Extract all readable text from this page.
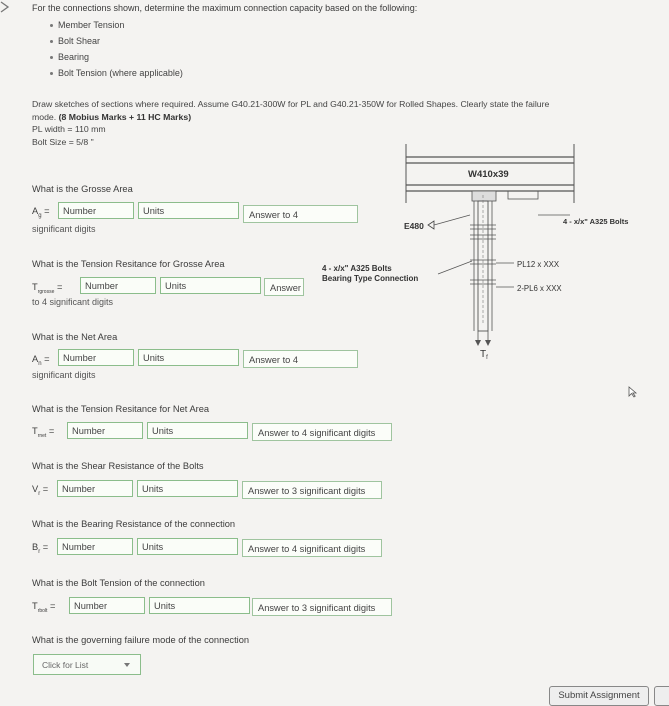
For the connections shown, determine the maximum connection capacity based on the following:
Member Tension
Bolt Shear
Bearing
Bolt Tension (where applicable)
Draw sketches of sections where required. Assume G40.21-300W for PL and G40.21-350W for Rolled Shapes. Clearly state the failure
mode. (8 Mobius Marks + 11 HC Marks)
PL width = 110 mm
Bolt Size = 5/8 "
What is the Grosse Area
$A_g$ =	Number	Units	Answer to 4
significant digits
What is the Tension Resitance for Grosse Area
$T_{rgrosse}$ =	Number	Units	Answer
to 4 significant digits
What is the Net Area
$A_n$ =	Number	Units	Answer to 4
significant digits
What is the Tension Resitance for Net Area
$T_{rnet}$ =	Number	Units	Answer to 4 significant digits
What is the Shear Resistance of the Bolts
$V_r$ =	Number	Units	Answer to 3 significant digits
What is the Bearing Resistance of the connection
$B_r$ =	Number	Units	Answer to 4 significant digits
What is the Bolt Tension of the connection
$T_{rbolt}$ =	Number	Units	Answer to 3 significant digits
What is the governing failure mode of the connection
Click for List
W410x39
$T_f$
E480	4 - x/x" A325 Bolts
4 - x/x" A325 Bolts
Bearing Type Connection
PL12 x XXX
2-PL6 x XXX
Submit Assignment
